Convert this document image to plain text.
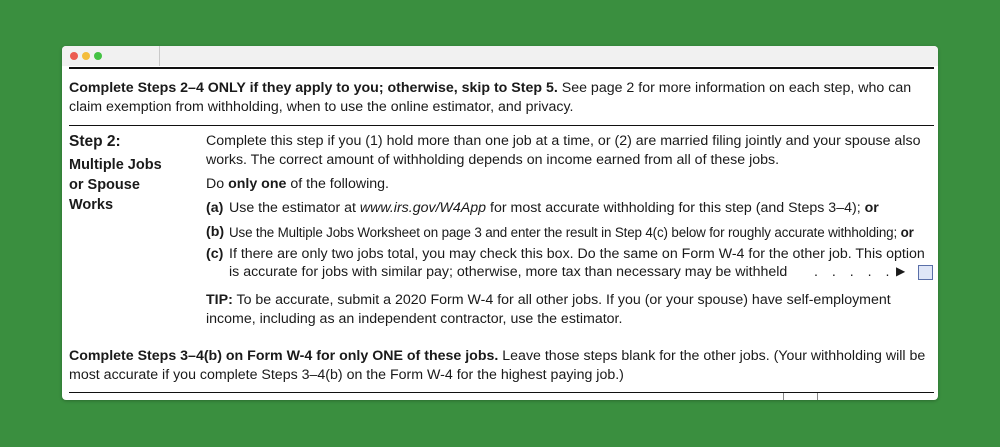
Complete Steps 2–4 ONLY if they apply to you; otherwise, skip to Step 5. See page 2 for more information on each step, who can claim exemption from withholding, when to use the online estimator, and privacy.
Step 2:
Multiple Jobs
or Spouse
Works
Complete this step if you (1) hold more than one job at a time, or (2) are married filing jointly and your spouse also works. The correct amount of withholding depends on income earned from all of these jobs.
Do only one of the following.
(a) Use the estimator at www.irs.gov/W4App for most accurate withholding for this step (and Steps 3–4); or
(b) Use the Multiple Jobs Worksheet on page 3 and enter the result in Step 4(c) below for roughly accurate withholding; or
(c) If there are only two jobs total, you may check this box. Do the same on Form W-4 for the other job. This option
is accurate for jobs with similar pay; otherwise, more tax than necessary may be withheld	. . . . . ▶
TIP: To be accurate, submit a 2020 Form W-4 for all other jobs. If you (or your spouse) have self-employment income, including as an independent contractor, use the estimator.
Complete Steps 3–4(b) on Form W-4 for only ONE of these jobs. Leave those steps blank for the other jobs. (Your withholding will be most accurate if you complete Steps 3–4(b) on the Form W-4 for the highest paying job.)
